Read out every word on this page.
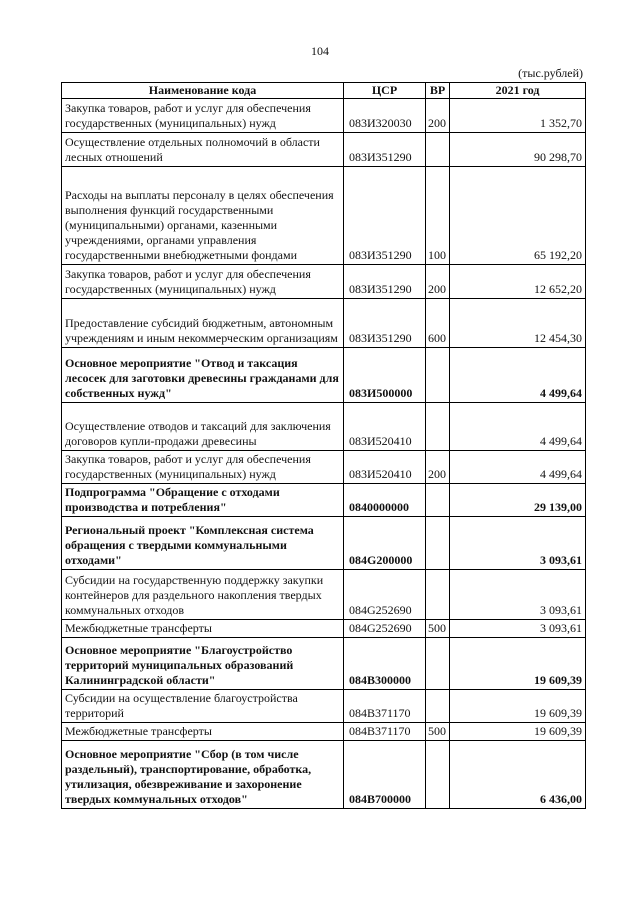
104
(тыс.рублей)
Наименование кода	ЦСР	ВР	2021 год
Закупка товаров, работ и услуг для обеспечения государственных (муниципальных) нужд	083И320030	200	1 352,70
Осуществление отдельных полномочий в области лесных отношений	083И351290		90 298,70
Расходы на выплаты персоналу в целях обеспечения выполнения функций государственными (муниципальными) органами, казенными учреждениями, органами управления государственными внебюджетными фондами	083И351290	100	65 192,20
Закупка товаров, работ и услуг для обеспечения государственных (муниципальных) нужд	083И351290	200	12 652,20
Предоставление субсидий бюджетным, автономным учреждениям и иным некоммерческим организациям	083И351290	600	12 454,30
Основное мероприятие "Отвод и таксация лесосек для заготовки древесины гражданами для собственных нужд"	083И500000		4 499,64
Осуществление отводов и таксаций для заключения договоров купли-продажи древесины	083И520410		4 499,64
Закупка товаров, работ и услуг для обеспечения государственных (муниципальных) нужд	083И520410	200	4 499,64
Подпрограмма "Обращение с отходами производства и потребления"	0840000000		29 139,00
Региональный проект "Комплексная система обращения с твердыми коммунальными отходами"	084G200000		3 093,61
Субсидии на государственную поддержку закупки контейнеров для раздельного накопления твердых коммунальных отходов	084G252690		3 093,61
Межбюджетные трансферты	084G252690	500	3 093,61
Основное мероприятие "Благоустройство территорий муниципальных образований Калининградской области"	084В300000		19 609,39
Субсидии на осуществление благоустройства территорий	084В371170		19 609,39
Межбюджетные трансферты	084В371170	500	19 609,39
Основное мероприятие "Сбор (в том числе раздельный), транспортирование, обработка, утилизация, обезвреживание и захоронение твердых коммунальных отходов"	084В700000		6 436,00
